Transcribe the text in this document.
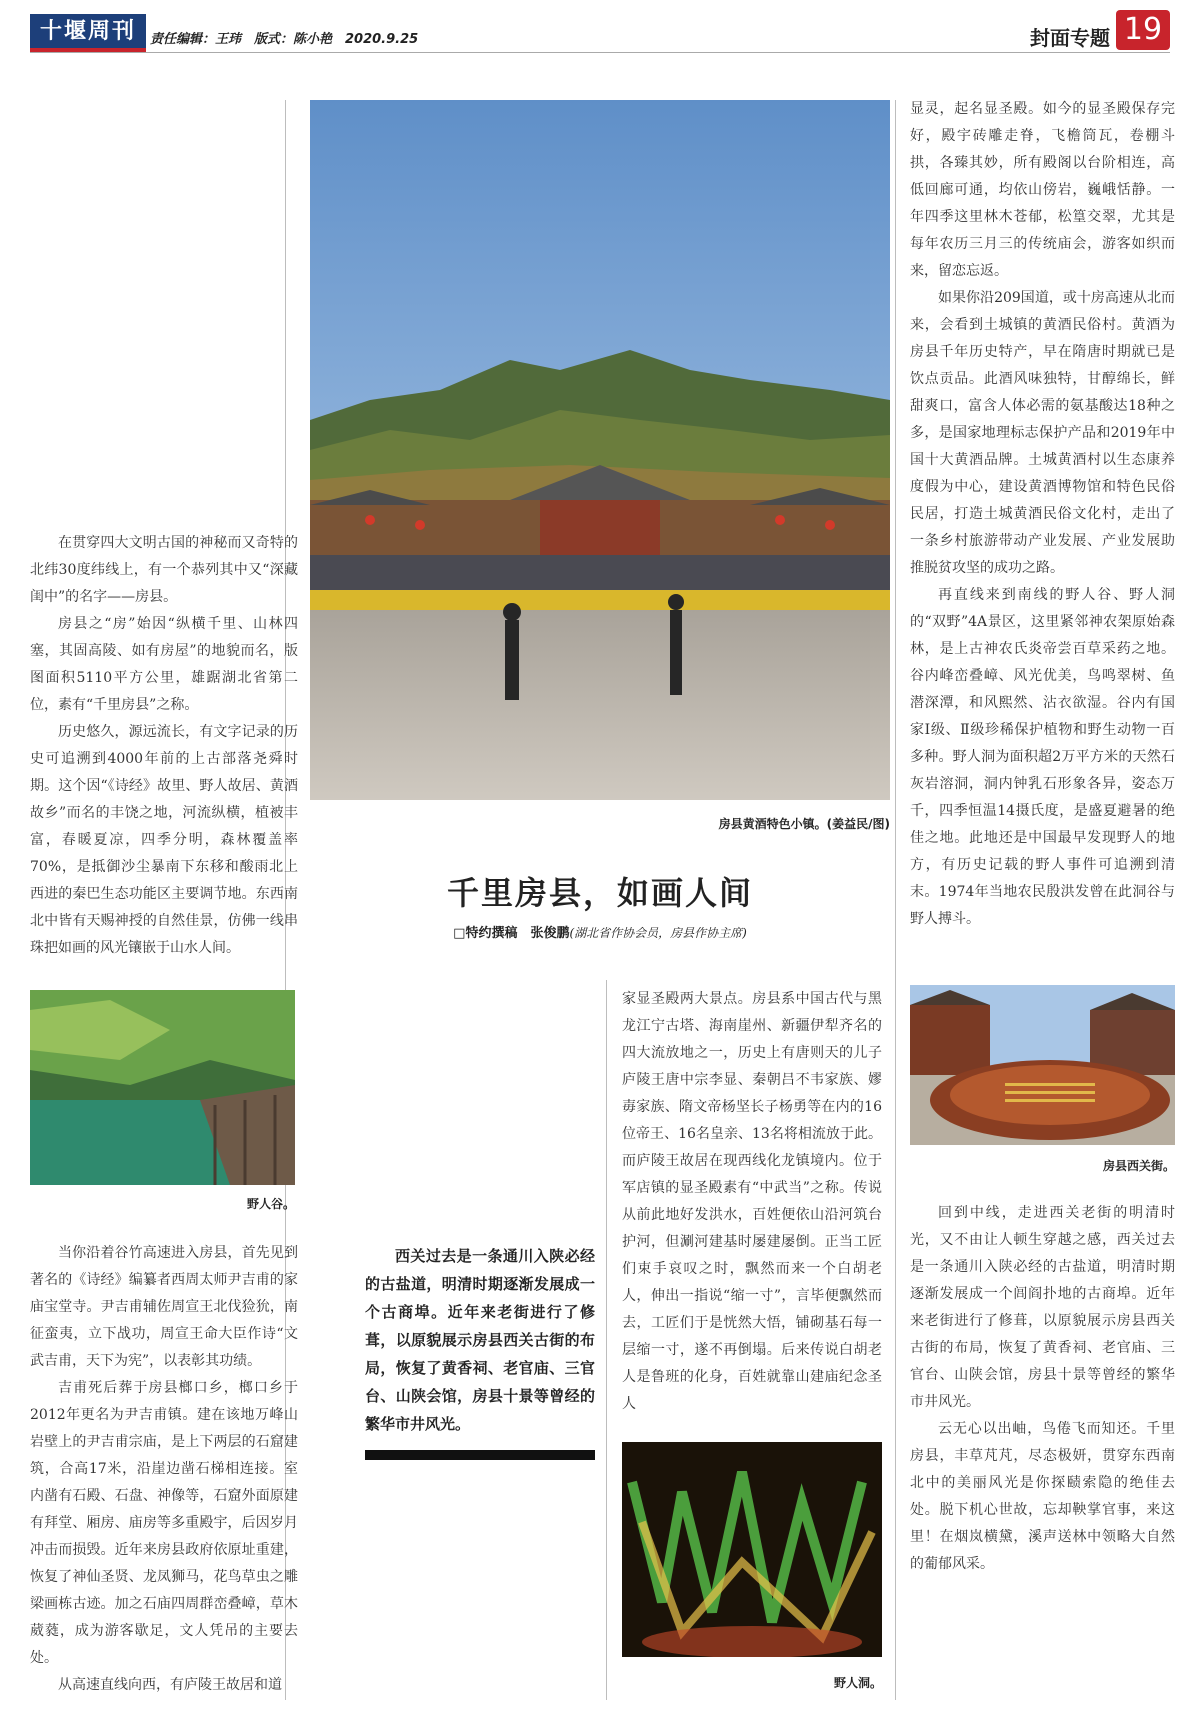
十堰周刊	责任编辑：王玮　版式：陈小艳　2020.9.25	封面专题 19
房县黄酒特色小镇。(姜益民/图)
千里房县，如画人间
□特约撰稿　张俊鹏(湖北省作协会员，房县作协主席)

在贯穿四大文明古国的神秘而又奇特的北纬30度纬线上，有一个恭列其中又“深藏闺中”的名字——房县。

房县之“房”始因“纵横千里、山林四塞，其固高陵、如有房屋”的地貌而名，版图面积5110平方公里，雄踞湖北省第二位，素有“千里房县”之称。

历史悠久，源远流长，有文字记录的历史可追溯到4000年前的上古部落尧舜时期。这个因“《诗经》故里、野人故居、黄酒故乡”而名的丰饶之地，河流纵横，植被丰富，春暖夏凉，四季分明，森林覆盖率70%，是抵御沙尘暴南下东移和酸雨北上西进的秦巴生态功能区主要调节地。东西南北中皆有天赐神授的自然佳景，仿佛一线串珠把如画的风光镶嵌于山水人间。

野人谷。

当你沿着谷竹高速进入房县，首先见到著名的《诗经》编纂者西周太师尹吉甫的家庙宝堂寺。尹吉甫辅佐周宣王北伐猃狁，南征蛮夷，立下战功，周宣王命大臣作诗“文武吉甫，天下为宪”，以表彰其功绩。

吉甫死后葬于房县榔口乡，榔口乡于2012年更名为尹吉甫镇。建在该地万峰山岩壁上的尹吉甫宗庙，是上下两层的石窟建筑，合高17米，沿崖边凿石梯相连接。室内凿有石殿、石盘、神像等，石窟外面原建有拜堂、厢房、庙房等多重殿宇，后因岁月冲击而损毁。近年来房县政府依原址重建，恢复了神仙圣贤、龙凤狮马，花鸟草虫之雕梁画栋古迹。加之石庙四周群峦叠嶂，草木葳蕤，成为游客歇足，文人凭吊的主要去处。

从高速直线向西，有庐陵王故居和道

西关过去是一条通川入陕必经的古盐道，明清时期逐渐发展成一个古商埠。近年来老街进行了修葺，以原貌展示房县西关古街的布局，恢复了黄香祠、老官庙、三官台、山陕会馆，房县十景等曾经的繁华市井风光。

家显圣殿两大景点。房县系中国古代与黑龙江宁古塔、海南崖州、新疆伊犁齐名的四大流放地之一，历史上有唐则天的儿子庐陵王唐中宗李显、秦朝吕不韦家族、嫪毐家族、隋文帝杨坚长子杨勇等在内的16位帝王、16名皇亲、13名将相流放于此。而庐陵王故居在现西线化龙镇境内。位于军店镇的显圣殿素有“中武当”之称。传说从前此地好发洪水，百姓便依山沿河筑台护河，但涮河建基时屡建屡倒。正当工匠们束手哀叹之时，飘然而来一个白胡老人，伸出一指说“缩一寸”，言毕便飘然而去，工匠们于是恍然大悟，铺砌基石每一层缩一寸，遂不再倒塌。后来传说白胡老人是鲁班的化身，百姓就靠山建庙纪念圣人

野人洞。

显灵，起名显圣殿。如今的显圣殿保存完好，殿宇砖雕走脊，飞檐筒瓦，卷棚斗拱，各臻其妙，所有殿阁以台阶相连，高低回廊可通，均依山傍岩，巍峨恬静。一年四季这里林木苍郁，松篁交翠，尤其是每年农历三月三的传统庙会，游客如织而来，留恋忘返。

如果你沿209国道，或十房高速从北而来，会看到土城镇的黄酒民俗村。黄酒为房县千年历史特产，早在隋唐时期就已是饮点贡品。此酒风味独特，甘醇绵长，鲜甜爽口，富含人体必需的氨基酸达18种之多，是国家地理标志保护产品和2019年中国十大黄酒品牌。土城黄酒村以生态康养度假为中心，建设黄酒博物馆和特色民俗民居，打造土城黄酒民俗文化村，走出了一条乡村旅游带动产业发展、产业发展助推脱贫攻坚的成功之路。

再直线来到南线的野人谷、野人洞的“双野”4A景区，这里紧邻神农架原始森林，是上古神农氏炎帝尝百草采药之地。谷内峰峦叠嶂、风光优美，鸟鸣翠树、鱼潜深潭，和风熙然、沾衣欲湿。谷内有国家Ⅰ级、Ⅱ级珍稀保护植物和野生动物一百多种。野人洞为面积超2万平方米的天然石灰岩溶洞，洞内钟乳石形象各异，姿态万千，四季恒温14摄氏度，是盛夏避暑的绝佳之地。此地还是中国最早发现野人的地方，有历史记载的野人事件可追溯到清末。1974年当地农民殷洪发曾在此洞谷与野人搏斗。

房县西关街。

回到中线，走进西关老街的明清时光，又不由让人顿生穿越之感，西关过去是一条通川入陕必经的古盐道，明清时期逐渐发展成一个闾阎扑地的古商埠。近年来老街进行了修葺，以原貌展示房县西关古街的布局，恢复了黄香祠、老官庙、三官台、山陕会馆，房县十景等曾经的繁华市井风光。

云无心以出岫，鸟倦飞而知还。千里房县，丰草芃芃，尽态极妍，贯穿东西南北中的美丽风光是你探赜索隐的绝佳去处。脱下机心世故，忘却鞅掌官事，来这里！在烟岚横黛，溪声送林中领略大自然的葡郁风采。
